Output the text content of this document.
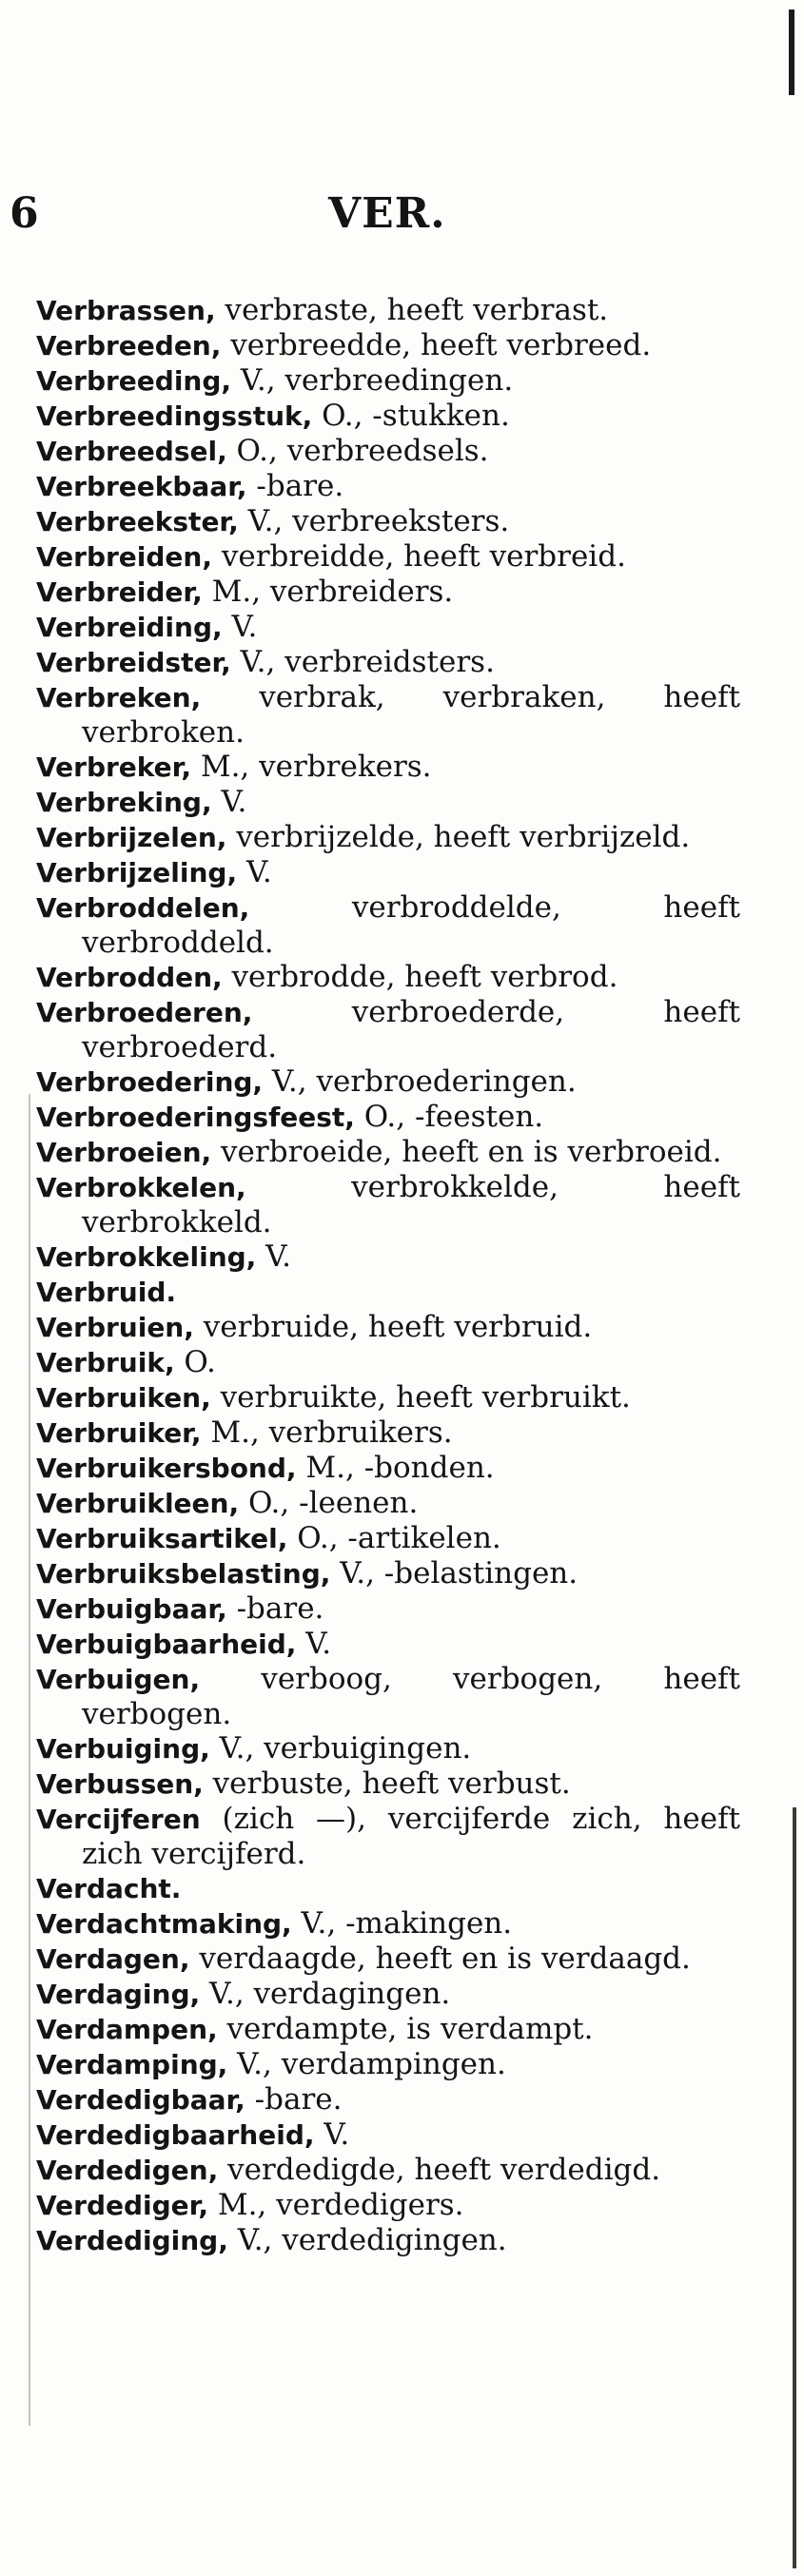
6	VER.

Verbrassen, verbraste, heeft verbrast.

Verbreeden, verbreedde, heeft verbreed.

Verbreeding, V., verbreedingen.

Verbreedingsstuk, O., -stukken.

Verbreedsel, O., verbreedsels.

Verbreekbaar, -bare.

Verbreekster, V., verbreeksters.

Verbreiden, verbreidde, heeft verbreid.

Verbreider, M., verbreiders.

Verbreiding, V.

Verbreidster, V., verbreidsters.

Verbreken, verbrak, verbraken, heeft verbroken.

Verbreker, M., verbrekers.

Verbreking, V.

Verbrijzelen, verbrijzelde, heeft verbrijzeld.

Verbrijzeling, V.

Verbroddelen, verbroddelde, heeft verbroddeld.

Verbrodden, verbrodde, heeft verbrod.

Verbroederen, verbroederde, heeft verbroederd.

Verbroedering, V., verbroederingen.

Verbroederingsfeest, O., -feesten.

Verbroeien, verbroeide, heeft en is verbroeid.

Verbrokkelen, verbrokkelde, heeft verbrokkeld.

Verbrokkeling, V.

Verbruid.

Verbruien, verbruide, heeft verbruid.

Verbruik, O.

Verbruiken, verbruikte, heeft verbruikt.

Verbruiker, M., verbruikers.

Verbruikersbond, M., -bonden.

Verbruikleen, O., -leenen.

Verbruiksartikel, O., -artikelen.

Verbruiksbelasting, V., -belastingen.

Verbuigbaar, -bare.

Verbuigbaarheid, V.

Verbuigen, verboog, verbogen, heeft verbogen.

Verbuiging, V., verbuigingen.

Verbussen, verbuste, heeft verbust.

Vercijferen (zich —), vercijferde zich, heeft zich vercijferd.

Verdacht.

Verdachtmaking, V., -makingen.

Verdagen, verdaagde, heeft en is verdaagd.

Verdaging, V., verdagingen.

Verdampen, verdampte, is verdampt.

Verdamping, V., verdampingen.

Verdedigbaar, -bare.

Verdedigbaarheid, V.

Verdedigen, verdedigde, heeft verdedigd.

Verdediger, M., verdedigers.

Verdediging, V., verdedigingen.
